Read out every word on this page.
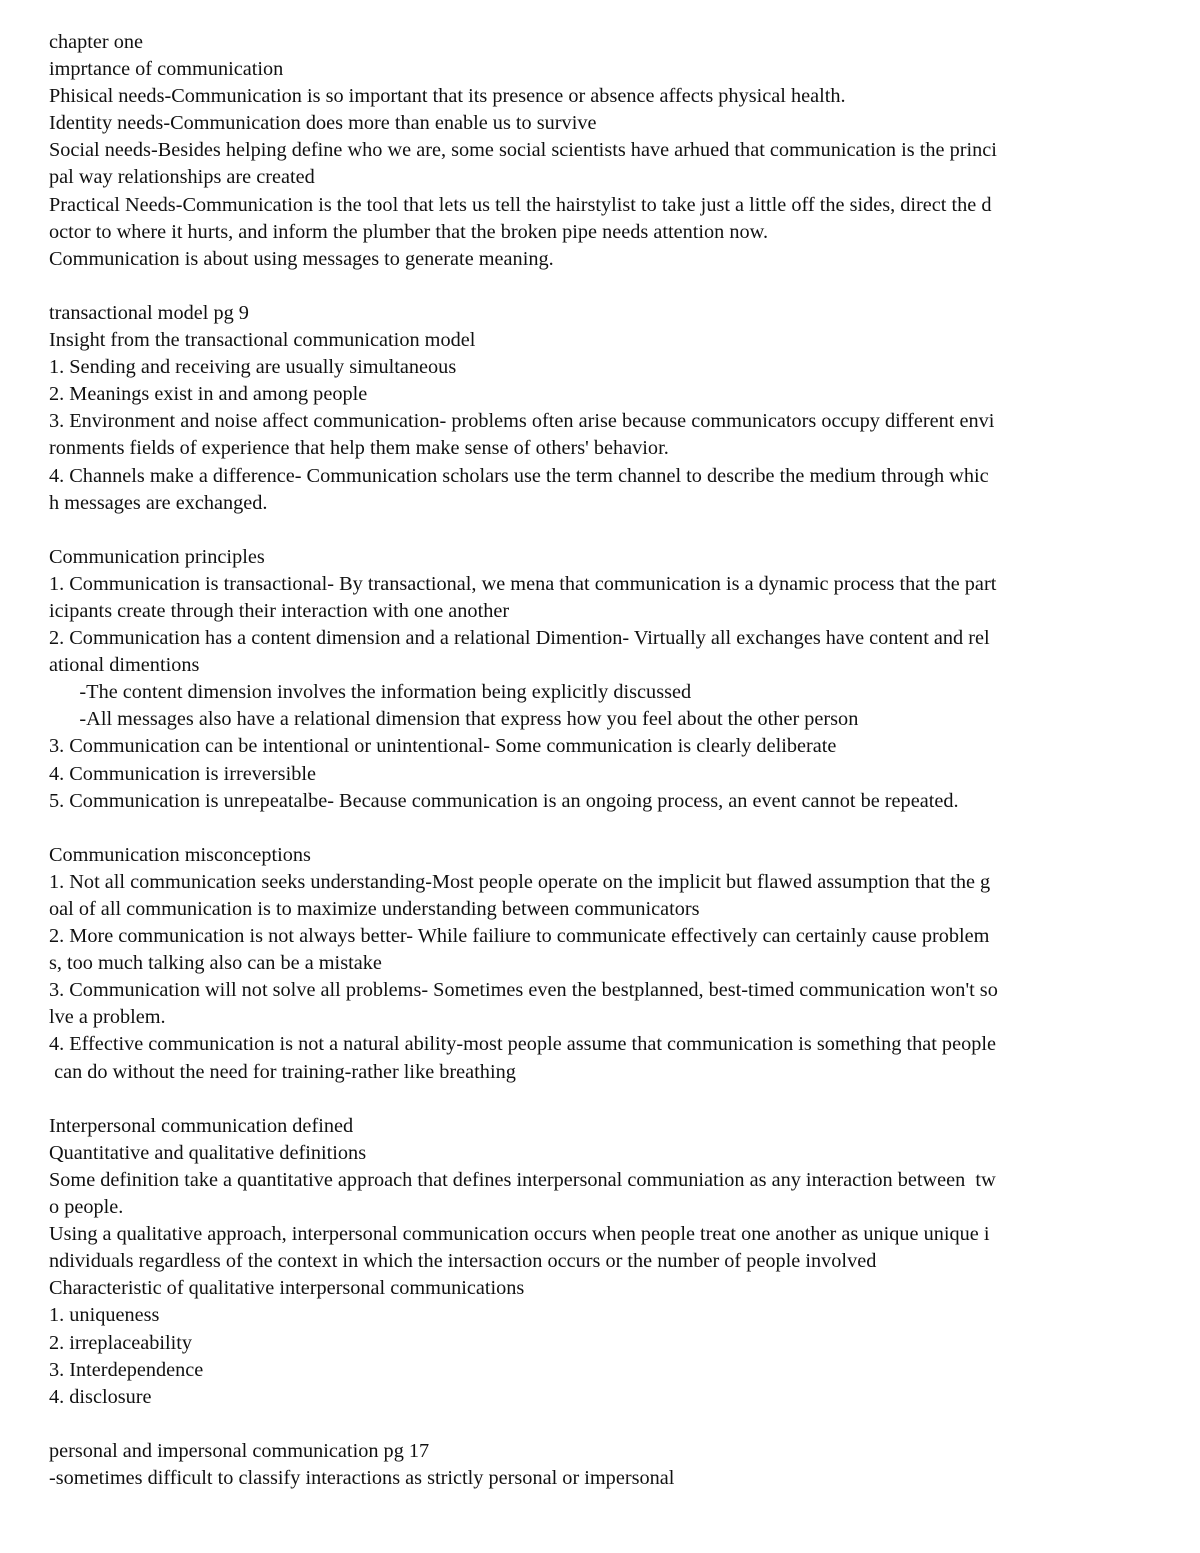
chapter one
imprtance of communication
Phisical needs-Communication is so important that its presence or absence affects physical health.
Identity needs-Communication does more than enable us to survive
Social needs-Besides helping define who we are, some social scientists have arhued that communication is the princi
pal way relationships are created
Practical Needs-Communication is the tool that lets us tell the hairstylist to take just a little off the sides, direct the d
octor to where it hurts, and inform the plumber that the broken pipe needs attention now.
Communication is about using messages to generate meaning.
transactional model pg 9
Insight from the transactional communication model
1. Sending and receiving are usually simultaneous
2. Meanings exist in and among people
3. Environment and noise affect communication- problems often arise because communicators occupy different envi
ronments fields of experience that help them make sense of others' behavior.
4. Channels make a difference- Communication scholars use the term channel to describe the medium through whic
h messages are exchanged.
Communication principles
1. Communication is transactional- By transactional, we mena that communication is a dynamic process that the part
icipants create through their interaction with one another
2. Communication has a content dimension and a relational Dimention- Virtually all exchanges have content and rel
ational dimentions
-The content dimension involves the information being explicitly discussed
-All messages also have a relational dimension that express how you feel about the other person
3. Communication can be intentional or unintentional- Some communication is clearly deliberate
4. Communication is irreversible
5. Communication is unrepeatalbe- Because communication is an ongoing process, an event cannot be repeated.
Communication misconceptions
1. Not all communication seeks understanding-Most people operate on the implicit but flawed assumption that the g
oal of all communication is to maximize understanding between communicators
2. More communication is not always better- While failiure to communicate effectively can certainly cause problem
s, too much talking also can be a mistake
3. Communication will not solve all problems- Sometimes even the bestplanned, best-timed communication won't so
lve a problem.
4. Effective communication is not a natural ability-most people assume that communication is something that people
can do without the need for training-rather like breathing
Interpersonal communication defined
Quantitative and qualitative definitions
Some definition take a quantitative approach that defines interpersonal communiation as any interaction between  tw
o people.
Using a qualitative approach, interpersonal communication occurs when people treat one another as unique unique i
ndividuals regardless of the context in which the intersaction occurs or the number of people involved
Characteristic of qualitative interpersonal communications
1. uniqueness
2. irreplaceability
3. Interdependence
4. disclosure
personal and impersonal communication pg 17
-sometimes difficult to classify interactions as strictly personal or impersonal
